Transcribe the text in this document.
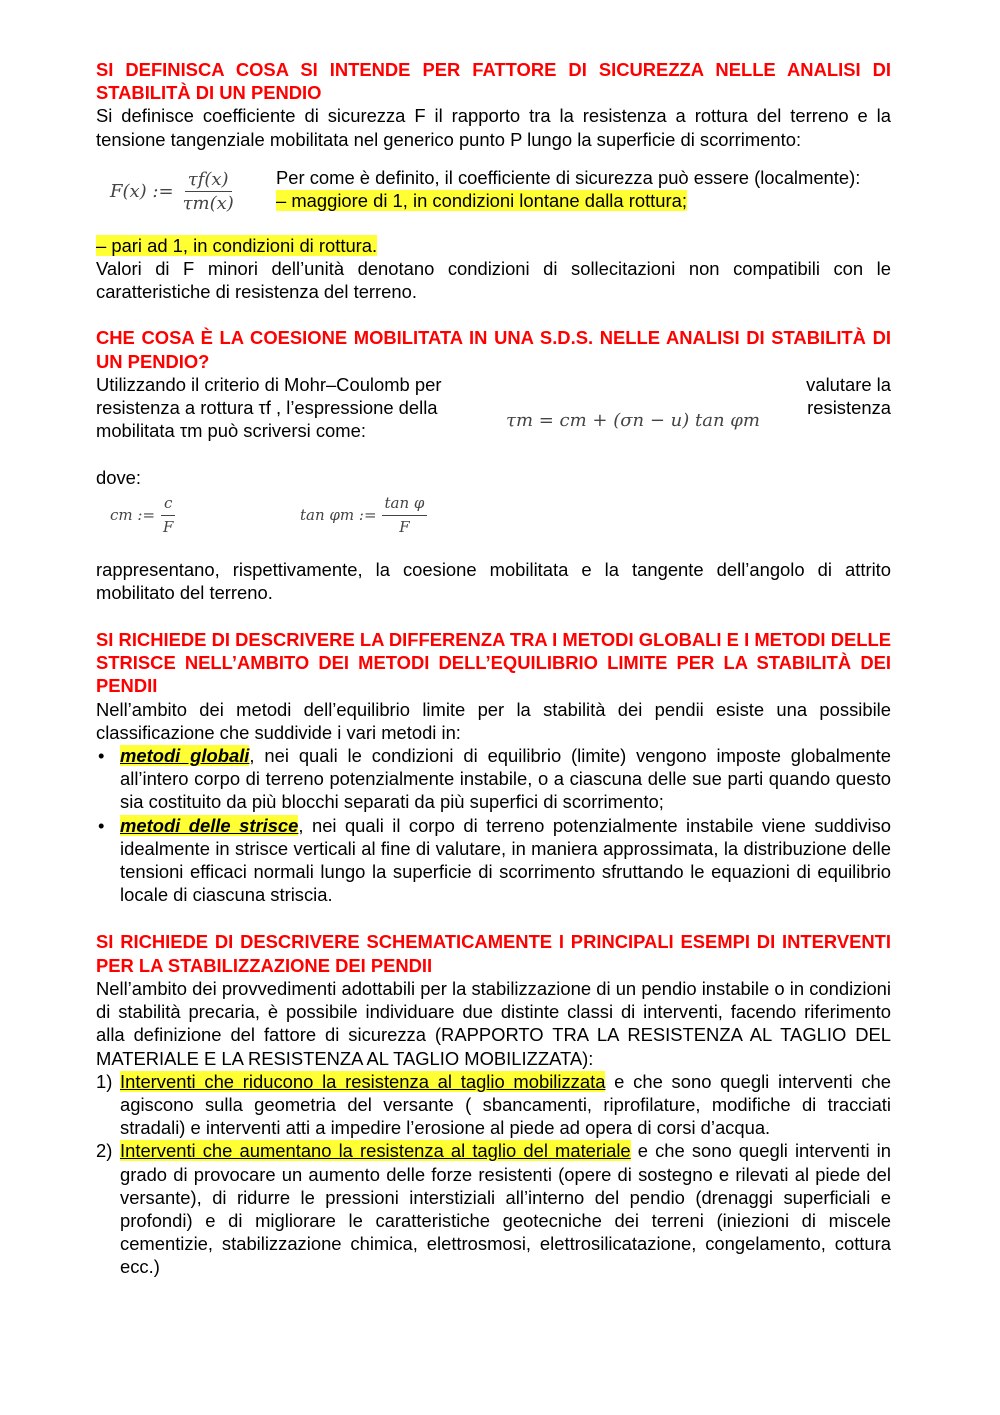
SI DEFINISCA COSA SI INTENDE PER FATTORE DI SICUREZZA NELLE ANALISI DI STABILITÀ DI UN PENDIO

Si definisce coefficiente di sicurezza F il rapporto tra la resistenza a rottura del terreno e la tensione tangenziale mobilitata nel generico punto P lungo la superficie di scorrimento:

F(x) := $\frac{\tau f(x)}{\tau m(x)}$ Per come è definito, il coefficiente di sicurezza può essere (localmente):

– maggiore di 1, in condizioni lontane dalla rottura;
– pari ad 1, in condizioni di rottura.

Valori di F minori dell’unità denotano condizioni di sollecitazioni non compatibili con le caratteristiche di resistenza del terreno.

CHE COSA È LA COESIONE MOBILITATA IN UNA S.D.S. NELLE ANALISI DI STABILITÀ DI UN PENDIO?
Utilizzando il criterio di Mohr–Coulomb per
resistenza a rottura τf , l’espressione della
mobilitata τm può scriversi come:	τm = cm + (σn − u) tan φm
valutare la
resistenza
dove:
cm := $\frac{c}{F}$	tan φm := $\frac{\text{tan φ}}{F}$

rappresentano, rispettivamente, la coesione mobilitata e la tangente dell’angolo di attrito mobilitato del terreno.

SI RICHIEDE DI DESCRIVERE LA DIFFERENZA TRA I METODI GLOBALI E I METODI DELLE STRISCE NELL’AMBITO DEI METODI DELL’EQUILIBRIO LIMITE PER LA STABILITÀ DEI PENDII

Nell’ambito dei metodi dell’equilibrio limite per la stabilità dei pendii esiste una possibile classificazione che suddivide i vari metodi in:

• metodi globali, nei quali le condizioni di equilibrio (limite) vengono imposte globalmente all’intero corpo di terreno potenzialmente instabile, o a ciascuna delle sue parti quando questo sia costituito da più blocchi separati da più superfici di scorrimento;
• metodi delle strisce, nei quali il corpo di terreno potenzialmente instabile viene suddiviso idealmente in strisce verticali al fine di valutare, in maniera approssimata, la distribuzione delle tensioni efficaci normali lungo la superficie di scorrimento sfruttando le equazioni di equilibrio locale di ciascuna striscia.
SI RICHIEDE DI DESCRIVERE SCHEMATICAMENTE I PRINCIPALI ESEMPI DI INTERVENTI PER LA STABILIZZAZIONE DEI PENDII

Nell’ambito dei provvedimenti adottabili per la stabilizzazione di un pendio instabile o in condizioni di stabilità precaria, è possibile individuare due distinte classi di interventi, facendo riferimento alla definizione del fattore di sicurezza (RAPPORTO TRA LA RESISTENZA AL TAGLIO DEL MATERIALE E LA RESISTENZA AL TAGLIO MOBILIZZATA):

1) Interventi che riducono la resistenza al taglio mobilizzata e che sono quegli interventi che agiscono sulla geometria del versante ( sbancamenti, riprofilature, modifiche di tracciati stradali) e interventi atti a impedire l’erosione al piede ad opera di corsi d’acqua.
2) Interventi che aumentano la resistenza al taglio del materiale e che sono quegli interventi in grado di provocare un aumento delle forze resistenti (opere di sostegno e rilevati al piede del versante), di ridurre le pressioni interstiziali all’interno del pendio (drenaggi superficiali e profondi) e di migliorare le caratteristiche geotecniche dei terreni (iniezioni di miscele cementizie, stabilizzazione chimica, elettrosmosi, elettrosilicatazione, congelamento, cottura ecc.)
